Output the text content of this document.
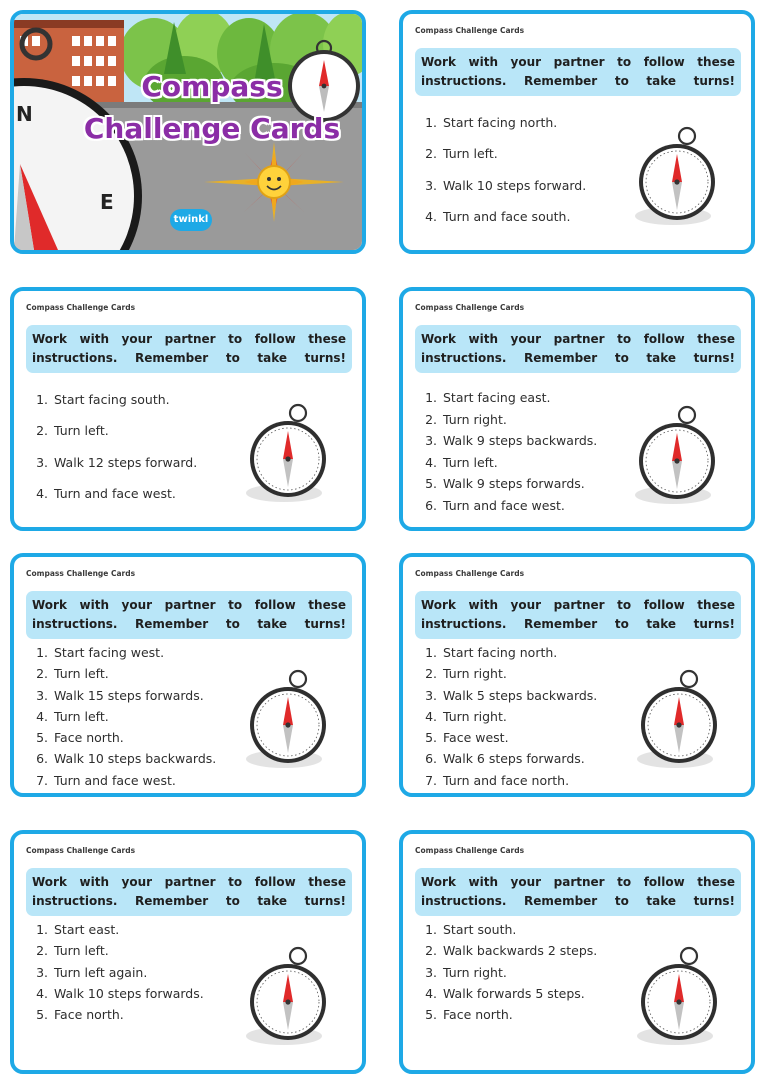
N
E
Compass
Challenge Cards
twinkl
Compass Challenge Cards
Work with your partner to follow these instructions. Remember to take turns!
1. Start facing north.
2. Turn left.
3. Walk 10 steps forward.
4. Turn and face south.
Compass Challenge Cards
Work with your partner to follow these instructions. Remember to take turns!
1. Start facing south.
2. Turn left.
3. Walk 12 steps forward.
4. Turn and face west.
Compass Challenge Cards
Work with your partner to follow these instructions. Remember to take turns!
1. Start facing east.
2. Turn right.
3. Walk 9 steps backwards.
4. Turn left.
5. Walk 9 steps forwards.
6. Turn and face west.
Compass Challenge Cards
Work with your partner to follow these instructions. Remember to take turns!
1. Start facing west.
2. Turn left.
3. Walk 15 steps forwards.
4. Turn left.
5. Face north.
6. Walk 10 steps backwards.
7. Turn and face west.
Compass Challenge Cards
Work with your partner to follow these instructions. Remember to take turns!
1. Start facing north.
2. Turn right.
3. Walk 5 steps backwards.
4. Turn right.
5. Face west.
6. Walk 6 steps forwards.
7. Turn and face north.
Compass Challenge Cards
Work with your partner to follow these instructions. Remember to take turns!
1. Start east.
2. Turn left.
3. Turn left again.
4. Walk 10 steps forwards.
5. Face north.
Compass Challenge Cards
Work with your partner to follow these instructions. Remember to take turns!
1. Start south.
2. Walk backwards 2 steps.
3. Turn right.
4. Walk forwards 5 steps.
5. Face north.
